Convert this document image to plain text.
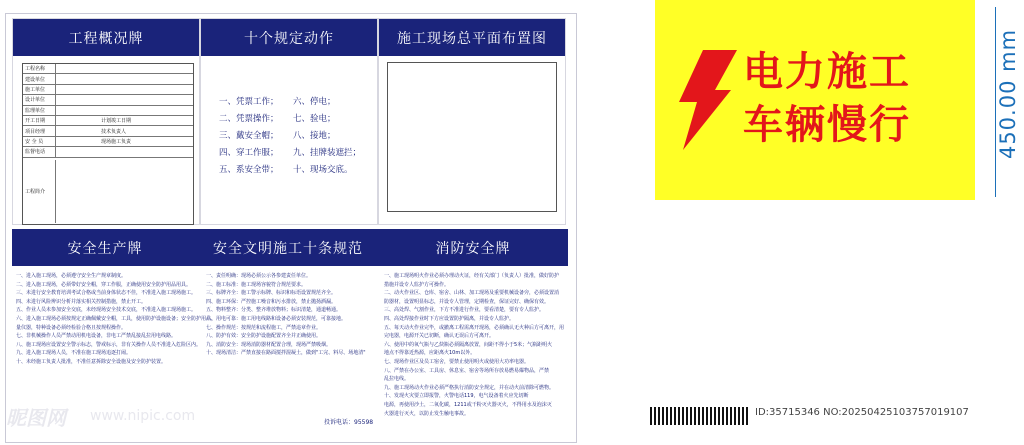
工程概况牌
工程名称
建设单位
施工单位
设计单位
监理单位
开工日期	计划竣工日期
项目经理	技术负责人
安 全 员	现场施工负责
监督电话
工程简介
十个规定动作
一、凭票工作；
二、凭票操作；
三、戴安全帽；
四、穿工作服；
五、系安全带；
六、停电；
七、验电；
八、接地；
九、挂牌装遮拦；
十、现场交底。
施工现场总平面布置图
安全生产牌	安全文明施工十条规范	消防安全牌
一、进入施工现场，必须遵守安全生产规章制度。
二、进入施工现场，必须带好安全帽，穿工作服，正确使用安全防护用品用具。
三、未进行安全教育培训考试合格或当前身体状态不佳，不准进入施工现场施工。
四、未进行风险辨识分析并落实相关控制措施，禁止开工。
五、作业人员未参加安全交底，未经现场安全技术交底，不准进入施工现场施工。
六、进入施工现场必须按规定正确佩戴安全帽，工具，使用防护设施设备；安全防护用品，
量仪器，特种设备必须经检验合格且按规程操作。
七、非机械操作人员严禁动用机电设备，非电工严禁乱接乱拉用电线路。
八、施工现场应设置安全警示标志，警戒标示，非有关操作人员不准进入危险区内。
九、进入施工现场人员，不准在施工现场追逐打闹。
十、未经施工负责人批准，不准任意拆除安全设施及安全防护装置。
一、责任明确：现场必须公示各参建责任单位。
二、施工标准：施工现场容貌符合规范要求。
三、标牌齐全：施工警示标牌、标识和标语设置规范齐全。
四、施工环保：严控施工噪音和污水排放，禁止抛扬洒漏。
五、物料整齐：分类、整齐堆放物料；标识清楚，通道畅通。
六、用电可靠：施工用电线路和设备必须安装规范，可靠接地。
七、操作规范：按规范和流程施工，严禁违章作业。
八、防护有效：安全防护设施配置齐全并正确使用。
九、消防安全：现场消防器材配置合理，现场严禁吸烟。
十、现场清洁：严禁直接在路面搅拌混凝土，做到"工完、料尽、场地清"
投诉电话：95598
一、施工现场明火作业必须办理动火证，经有关部门（负责人）批准，做好防护
措施并设专人监护方可操作。
二、动火作业区、仓库、宿舍、山林、加工现场及重要机械设备旁，必须设置消
防器材，设置明显标志，并设专人管理，定期检查，保证完好、确保有效。
三、高处焊、气割作业，下方不准进行作业，要看清楚，要有专人监护。
四、高处焊接作业时下方应设置防护隔离，并设专人监护。
五、每天动火作业完毕，或撤离工程需离开现场，必须确认无火种后方可离开，用
完电器，电源开关已切断，确认无误后方可离开。
六、使用中的氧气瓶与乙炔瓶必须隔离放置，间距不得小于5米；气瓶距明火
地点不得靠近热源，应距离火10m以外。
七、现场作业区及员工宿舍，要禁止使用明火或使用大功率电器。
八、严禁在办公室、工具房、休息室、宿舍等场所存放易燃易爆物品，严禁
乱拉电线。
九、施工现场动火作业必须严格执行消防安全规定，并在动火前清除可燃物。
十、发现火灾要立即报警，火警电话119，电气设备着火应先切断
电源，再使用沙土，二氧化碳，1211或干粉灭火器灭火，不得用水及泡沫灭
火器进行灭火，以防止发生触电事故。
电力施工
车辆慢行	450.00 mm
昵图网 www.nipic.com	ID:35715346 NO:20250425103757019107
